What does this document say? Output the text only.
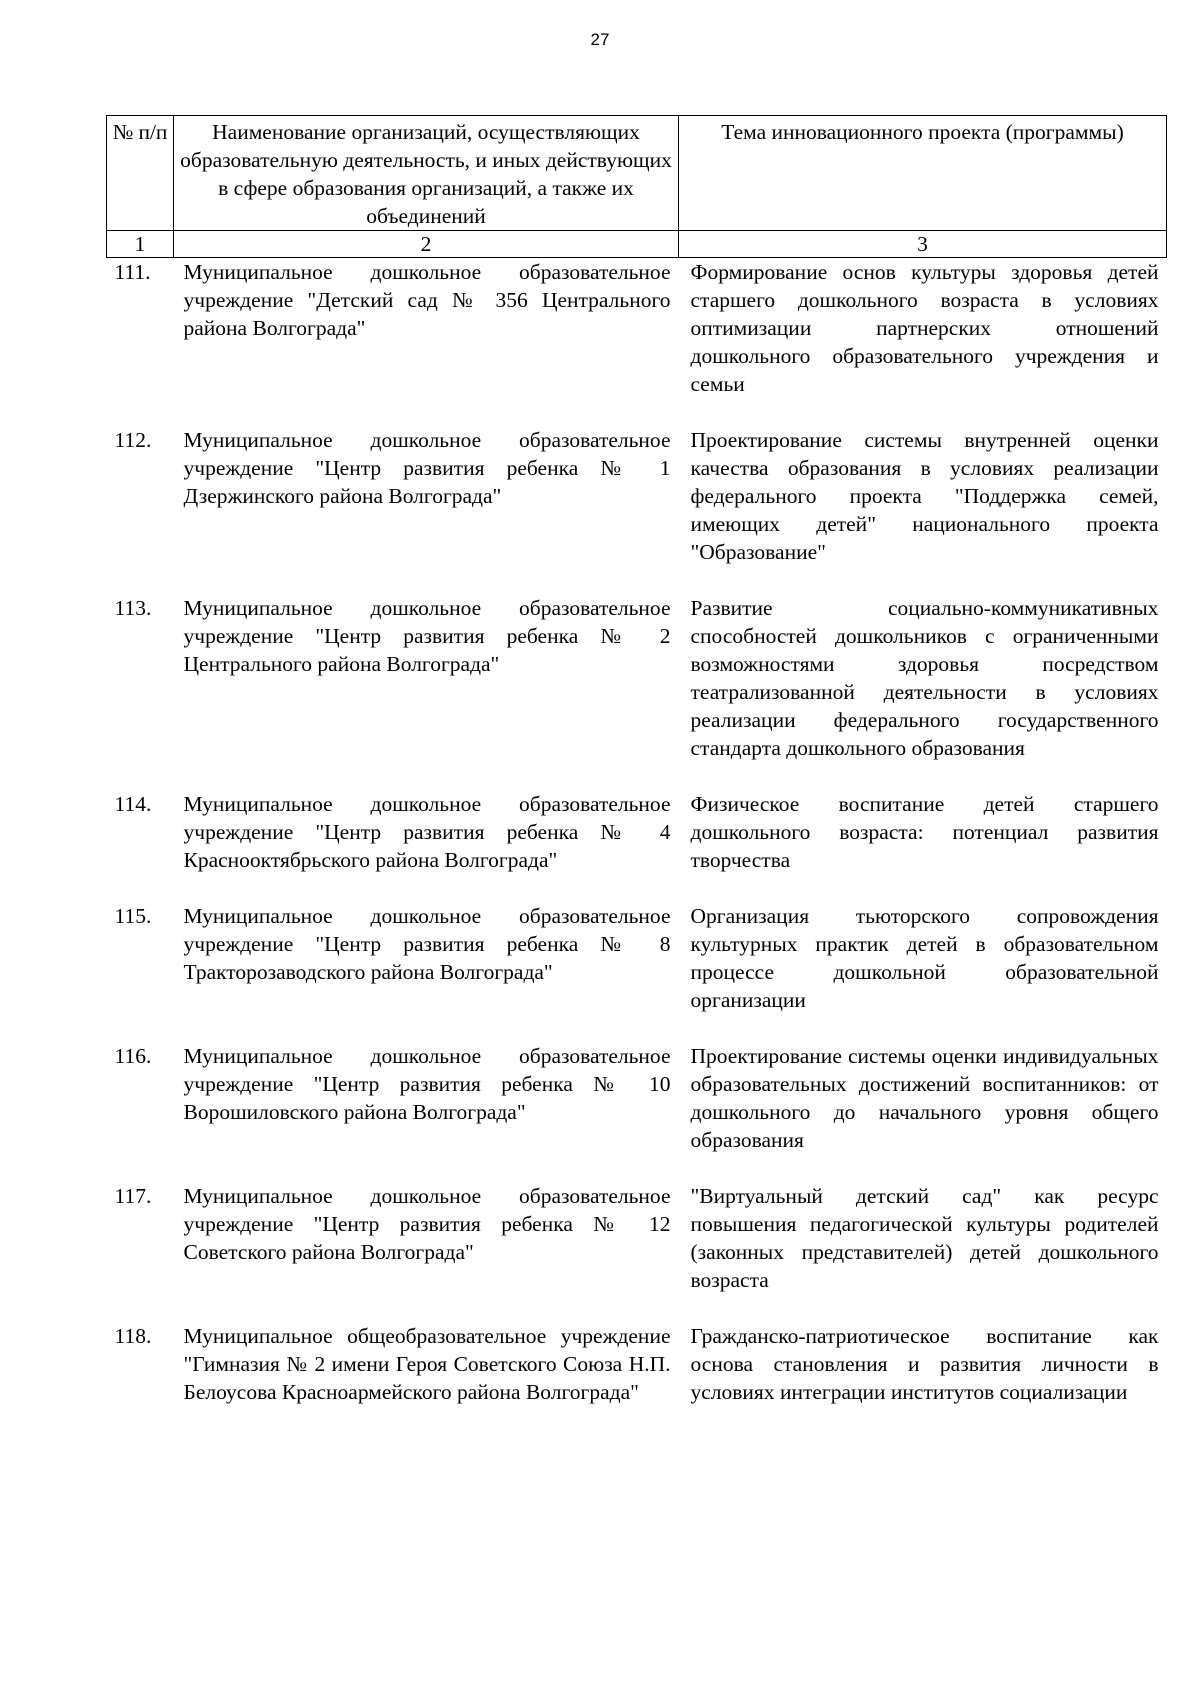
27
№ п/п	Наименование организаций, осуществляющих образовательную деятельность, и иных действующих в сфере образования организаций, а также их объединений	Тема инновационного проекта (программы)
1	2	3
111.	Муниципальное дошкольное образовательное учреждение "Детский сад № 356 Центрального района Волгограда"	Формирование основ культуры здоровья детей старшего дошкольного возраста в условиях оптимизации партнерских отношений дошкольного образовательного учреждения и семьи
112.	Муниципальное дошкольное образовательное учреждение "Центр развития ребенка № 1 Дзержинского района Волгограда"	Проектирование системы внутренней оценки качества образования в условиях реализации федерального проекта "Поддержка семей, имеющих детей" национального проекта "Образование"
113.	Муниципальное дошкольное образовательное учреждение "Центр развития ребенка № 2 Центрального района Волгограда"	Развитие социально-коммуникативных способностей дошкольников с ограниченными возможностями здоровья посредством театрализованной деятельности в условиях реализации федерального государственного стандарта дошкольного образования
114.	Муниципальное дошкольное образовательное учреждение "Центр развития ребенка № 4 Краснооктябрьского района Волгограда"	Физическое воспитание детей старшего дошкольного возраста: потенциал развития творчества
115.	Муниципальное дошкольное образовательное учреждение "Центр развития ребенка № 8 Тракторозаводского района Волгограда"	Организация тьюторского сопровождения культурных практик детей в образовательном процессе дошкольной образовательной организации
116.	Муниципальное дошкольное образовательное учреждение "Центр развития ребенка № 10 Ворошиловского района Волгограда"	Проектирование системы оценки индивидуальных образовательных достижений воспитанников: от дошкольного до начального уровня общего образования
117.	Муниципальное дошкольное образовательное учреждение "Центр развития ребенка № 12 Советского района Волгограда"	"Виртуальный детский сад" как ресурс повышения педагогической культуры родителей (законных представителей) детей дошкольного возраста
118.	Муниципальное общеобразовательное учреждение "Гимназия № 2 имени Героя Советского Союза Н.П. Белоусова Красноармейского района Волгограда"	Гражданско-патриотическое воспитание как основа становления и развития личности в условиях интеграции институтов социализации
